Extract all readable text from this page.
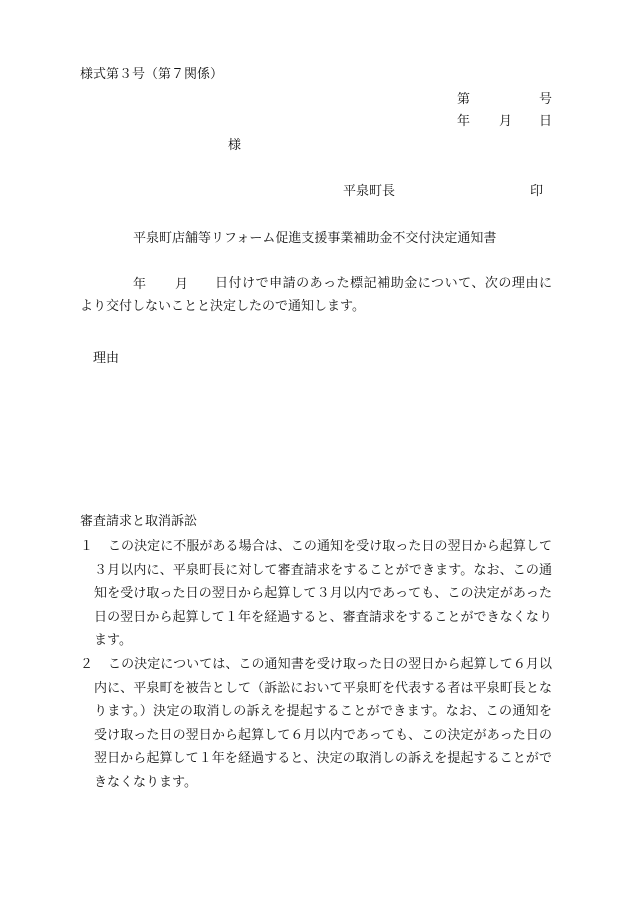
様式第３号（第７関係）
第	号
年 月 日
様
平泉町長	印
平泉町店舗等リフォーム促進支援事業補助金不交付決定通知書
年 月	日付けで申請のあった標記補助金について、次の理由により交付しないことと決定したので通知します。
理由
審査請求と取消訴訟
１	この決定に不服がある場合は、この通知を受け取った日の翌日から起算して３月以内に、平泉町長に対して審査請求をすることができます。なお、この通知を受け取った日の翌日から起算して３月以内であっても、この決定があった日の翌日から起算して１年を経過すると、審査請求をすることができなくなります。
２	この決定については、この通知書を受け取った日の翌日から起算して６月以内に、平泉町を被告として（訴訟において平泉町を代表する者は平泉町長となります。）決定の取消しの訴えを提起することができます。なお、この通知を受け取った日の翌日から起算して６月以内であっても、この決定があった日の翌日から起算して１年を経過すると、決定の取消しの訴えを提起することができなくなります。
